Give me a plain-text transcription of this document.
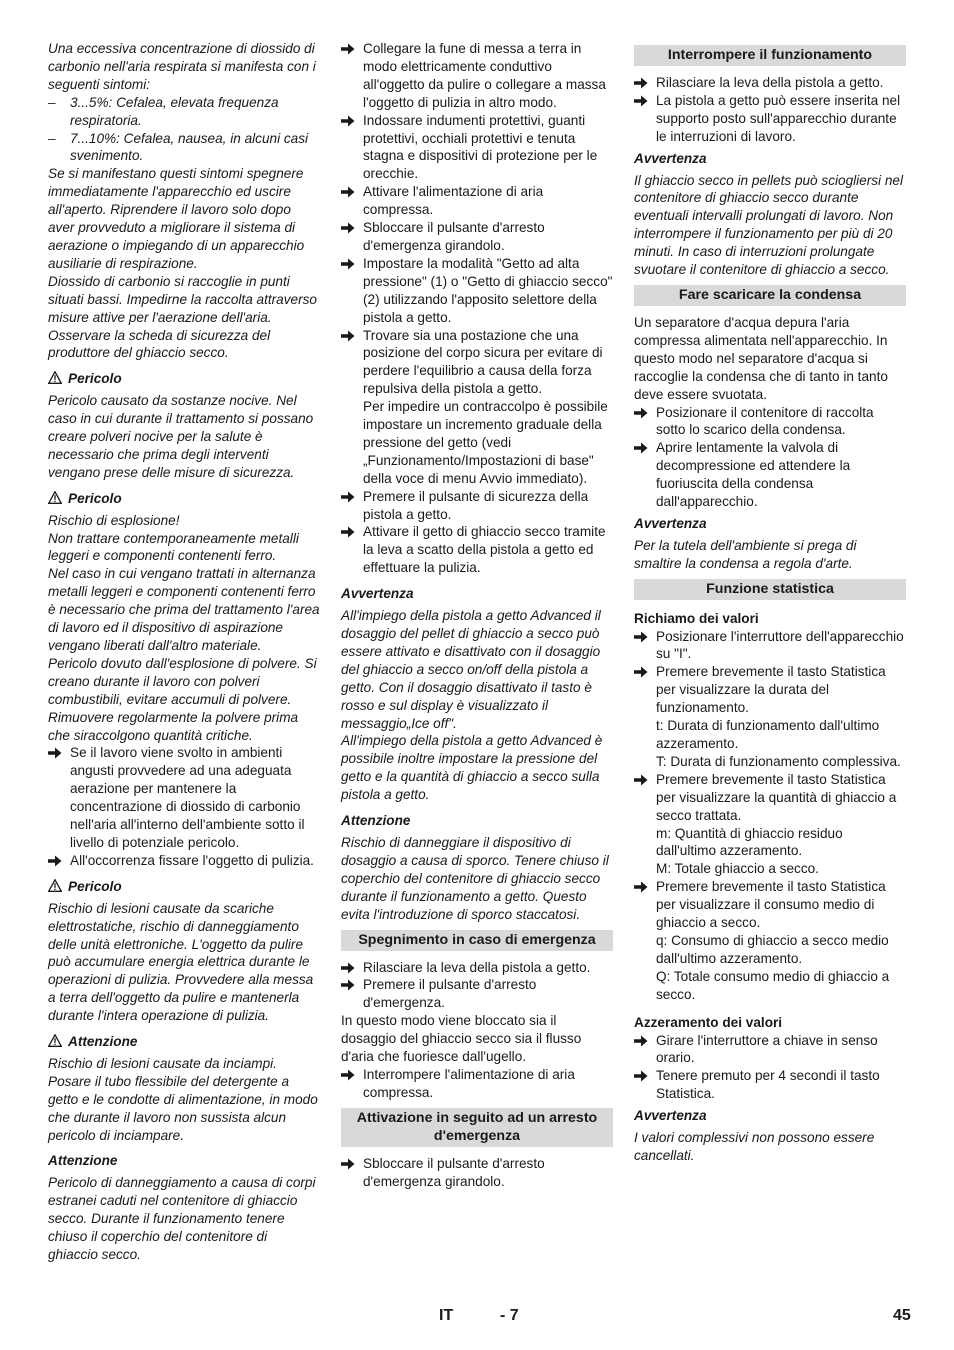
Una eccessiva concentrazione di diossido di carbonio nell'aria respirata si manifesta con i seguenti sintomi:

– 3...5%: Cefalea, elevata frequenza respiratoria.
– 7...10%: Cefalea, nausea, in alcuni casi svenimento.

Se si manifestano questi sintomi spegnere immediatamente l'apparecchio ed uscire all'aperto. Riprendere il lavoro solo dopo aver provveduto a migliorare il sistema di aerazione o impiegando di un apparecchio ausiliarie di respirazione.

Diossido di carbonio si raccoglie in punti situati bassi. Impedirne la raccolta attraverso misure attive per l'aerazione dell'aria.

Osservare la scheda di sicurezza del produttore del ghiaccio secco.

Pericolo

Pericolo causato da sostanze nocive. Nel caso in cui durante il trattamento si possano creare polveri nocive per la salute è necessario che prima degli interventi vengano prese delle misure di sicurezza.

Pericolo

Rischio di esplosione!

Non trattare contemporaneamente metalli leggeri e componenti contenenti ferro.

Nel caso in cui vengano trattati in alternanza metalli leggeri e componenti contenenti ferro è necessario che prima del trattamento l'area di lavoro ed il dispositivo di aspirazione vengano liberati dall'altro materiale.

Pericolo dovuto dall'esplosione di polvere. Si creano durante il lavoro con polveri combustibili, evitare accumuli di polvere. Rimuovere regolarmente la polvere prima che siraccolgono quantità critiche.

Se il lavoro viene svolto in ambienti angusti provvedere ad una adeguata aerazione per mantenere la concentrazione di diossido di carbonio nell'aria all'interno dell'ambiente sotto il livello di potenziale pericolo.
All'occorrenza fissare l'oggetto di pulizia.

Pericolo

Rischio di lesioni causate da scariche elettrostatiche, rischio di danneggiamento delle unità elettroniche. L'oggetto da pulire può accumulare energia elettrica durante le operazioni di pulizia. Provvedere alla messa a terra dell'oggetto da pulire e mantenerla durante l'intera operazione di pulizia.

Attenzione

Rischio di lesioni causate da inciampi. Posare il tubo flessibile del detergente a getto e le condotte di alimentazione, in modo che durante il lavoro non sussista alcun pericolo di inciampare.

Attenzione

Pericolo di danneggiamento a causa di corpi estranei caduti nel contenitore di ghiaccio secco. Durante il funzionamento tenere chiuso il coperchio del contenitore di ghiaccio secco.

Collegare la fune di messa a terra in modo elettricamente conduttivo all'oggetto da pulire o collegare a massa l'oggetto di pulizia in altro modo.
Indossare indumenti protettivi, guanti protettivi, occhiali protettivi e tenuta stagna e dispositivi di protezione per le orecchie.
Attivare l'alimentazione di aria compressa.
Sbloccare il pulsante d'arresto d'emergenza girandolo.
Impostare la modalità "Getto ad alta pressione" (1) o "Getto di ghiaccio secco" (2) utilizzando l'apposito selettore della pistola a getto.
Trovare sia una postazione che una posizione del corpo sicura per evitare di perdere l'equilibrio a causa della forza repulsiva della pistola a getto.

Per impedire un contraccolpo è possibile impostare un incremento graduale della pressione del getto (vedi „Funzionamento/Impostazioni di base" della voce di menu Avvio immediato).

Premere il pulsante di sicurezza della pistola a getto.
Attivare il getto di ghiaccio secco tramite la leva a scatto della pistola a getto ed effettuare la pulizia.

Avvertenza

All'impiego della pistola a getto Advanced il dosaggio del pellet di ghiaccio a secco può essere attivato e disattivato con il dosaggio del ghiaccio a secco on/off della pistola a getto. Con il dosaggio disattivato il tasto è rosso e sul display è visualizzato il messaggio„Ice off".

All'impiego della pistola a getto Advanced è possibile inoltre impostare la pressione del getto e la quantità di ghiaccio a secco sulla pistola a getto.

Attenzione

Rischio di danneggiare il dispositivo di dosaggio a causa di sporco. Tenere chiuso il coperchio del contenitore di ghiaccio secco durante il funzionamento a getto. Questo evita l'introduzione di sporco staccatosi.

Spegnimento in caso di emergenza
Rilasciare la leva della pistola a getto.
Premere il pulsante d'arresto d'emergenza.

In questo modo viene bloccato sia il dosaggio del ghiaccio secco sia il flusso d'aria che fuoriesce dall'ugello.

Interrompere l'alimentazione di aria compressa.
Attivazione in seguito ad un arresto d'emergenza
Sbloccare il pulsante d'arresto d'emergenza girandolo.
Interrompere il funzionamento
Rilasciare la leva della pistola a getto.
La pistola a getto può essere inserita nel supporto posto sull'apparecchio durante le interruzioni di lavoro.

Avvertenza

Il ghiaccio secco in pellets può sciogliersi nel contenitore di ghiaccio secco durante eventuali intervalli prolungati di lavoro. Non interrompere il funzionamento per più di 20 minuti. In caso di interruzioni prolungate svuotare il contenitore di ghiaccio a secco.

Fare scaricare la condensa

Un separatore d'acqua depura l'aria compressa alimentata nell'apparecchio. In questo modo nel separatore d'acqua si raccoglie la condensa che di tanto in tanto deve essere svuotata.

Posizionare il contenitore di raccolta sotto lo scarico della condensa.
Aprire lentamente la valvola di decompressione ed attendere la fuoriuscita della condensa dall'apparecchio.

Avvertenza

Per la tutela dell'ambiente si prega di smaltire la condensa a regola d'arte.

Funzione statistica

Richiamo dei valori

Posizionare l'interruttore dell'apparecchio su "I".
Premere brevemente il tasto Statistica per visualizzare la durata del funzionamento.

t: Durata di funzionamento dall'ultimo azzeramento.

T: Durata di funzionamento complessiva.

Premere brevemente il tasto Statistica per visualizzare la quantità di ghiaccio a secco trattata.

m: Quantità di ghiaccio residuo dall'ultimo azzeramento.

M: Totale ghiaccio a secco.

Premere brevemente il tasto Statistica per visualizzare il consumo medio di ghiaccio a secco.

q: Consumo di ghiaccio a secco medio dall'ultimo azzeramento.

Q: Totale consumo medio di ghiaccio a secco.

Azzeramento dei valori

Girare l'interruttore a chiave in senso orario.
Tenere premuto per 4 secondi il tasto Statistica.

Avvertenza

I valori complessivi non possono essere cancellati.

IT	- 7	45
